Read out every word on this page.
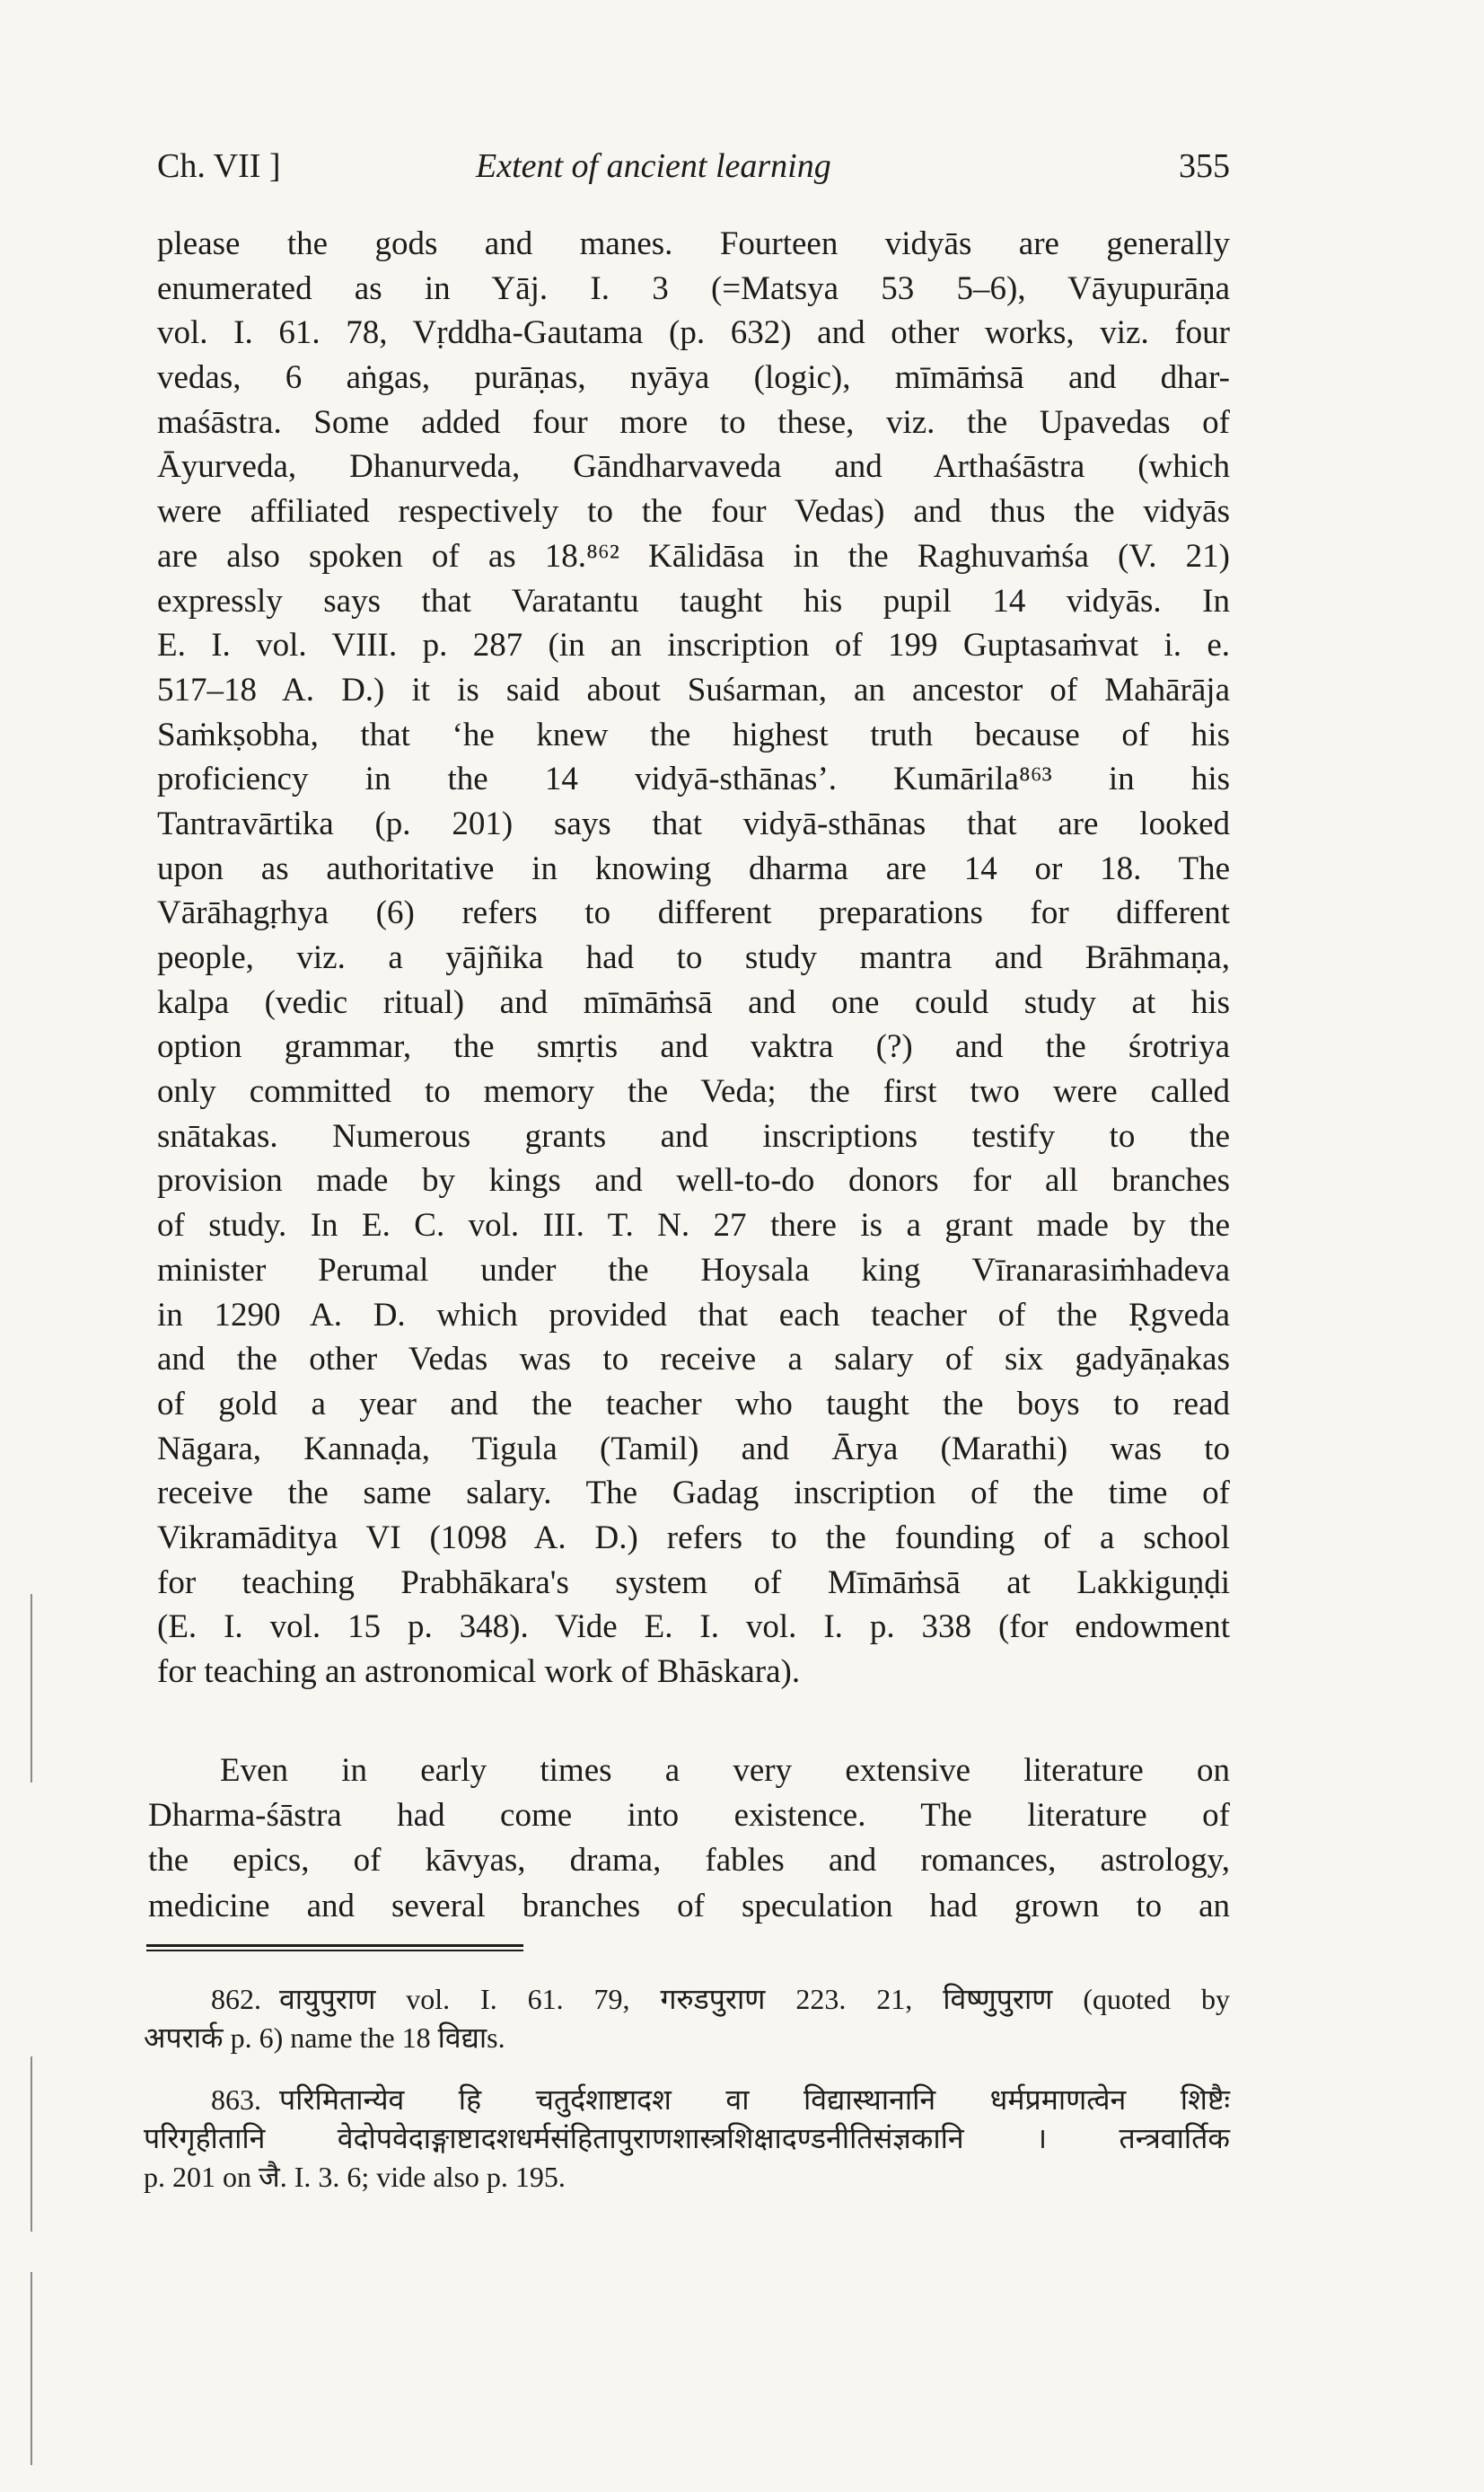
Ch. VII ]	Extent of ancient learning	355
please the gods and manes. Fourteen vidyās are generally
enumerated as in Yāj. I. 3 (=Matsya 53 5–6), Vāyupurāṇa
vol. I. 61. 78, Vṛddha-Gautama (p. 632) and other works, viz. four
vedas, 6 aṅgas, purāṇas, nyāya (logic), mīmāṁsā and dhar-
maśāstra. Some added four more to these, viz. the Upavedas of
Āyurveda, Dhanurveda, Gāndharvaveda and Arthaśāstra (which
were affiliated respectively to the four Vedas) and thus the vidyās
are also spoken of as 18.⁸⁶² Kālidāsa in the Raghuvaṁśa (V. 21)
expressly says that Varatantu taught his pupil 14 vidyās. In
E. I. vol. VIII. p. 287 (in an inscription of 199 Guptasaṁvat i. e.
517–18 A. D.) it is said about Suśarman, an ancestor of Mahārāja
Saṁkṣobha, that ‘he knew the highest truth because of his
proficiency in the 14 vidyā-sthānas’. Kumārila⁸⁶³ in his
Tantravārtika (p. 201) says that vidyā-sthānas that are looked
upon as authoritative in knowing dharma are 14 or 18. The
Vārāhagṛhya (6) refers to different preparations for different
people, viz. a yājñika had to study mantra and Brāhmaṇa,
kalpa (vedic ritual) and mīmāṁsā and one could study at his
option grammar, the smṛtis and vaktra (?) and the śrotriya
only committed to memory the Veda; the first two were called
snātakas. Numerous grants and inscriptions testify to the
provision made by kings and well-to-do donors for all branches
of study. In E. C. vol. III. T. N. 27 there is a grant made by the
minister Perumal under the Hoysala king Vīranarasiṁhadeva
in 1290 A. D. which provided that each teacher of the Ṛgveda
and the other Vedas was to receive a salary of six gadyāṇakas
of gold a year and the teacher who taught the boys to read
Nāgara, Kannaḍa, Tigula (Tamil) and Ārya (Marathi) was to
receive the same salary. The Gadag inscription of the time of
Vikramāditya VI (1098 A. D.) refers to the founding of a school
for teaching Prabhākara's system of Mīmāṁsā at Lakkiguṇḍi
(E. I. vol. 15 p. 348). Vide E. I. vol. I. p. 338 (for endowment
for teaching an astronomical work of Bhāskara).
Even in early times a very extensive literature on
Dharma-śāstra had come into existence. The literature of
the epics, of kāvyas, drama, fables and romances, astrology,
medicine and several branches of speculation had grown to an
862. वायुपुराण vol. I. 61. 79, गरुडपुराण 223. 21, विष्णुपुराण (quoted by
अपरार्क p. 6) name the 18 विद्याs.
863. परिमितान्येव हि चतुर्दशाष्टादश वा विद्यास्थानानि धर्मप्रमाणत्वेन शिष्टैः
परिगृहीतानि वेदोपवेदाङ्गाष्टादशधर्मसंहितापुराणशास्त्रशिक्षादण्डनीतिसंज्ञकानि । तन्त्रवार्तिक
p. 201 on जै. I. 3. 6; vide also p. 195.
